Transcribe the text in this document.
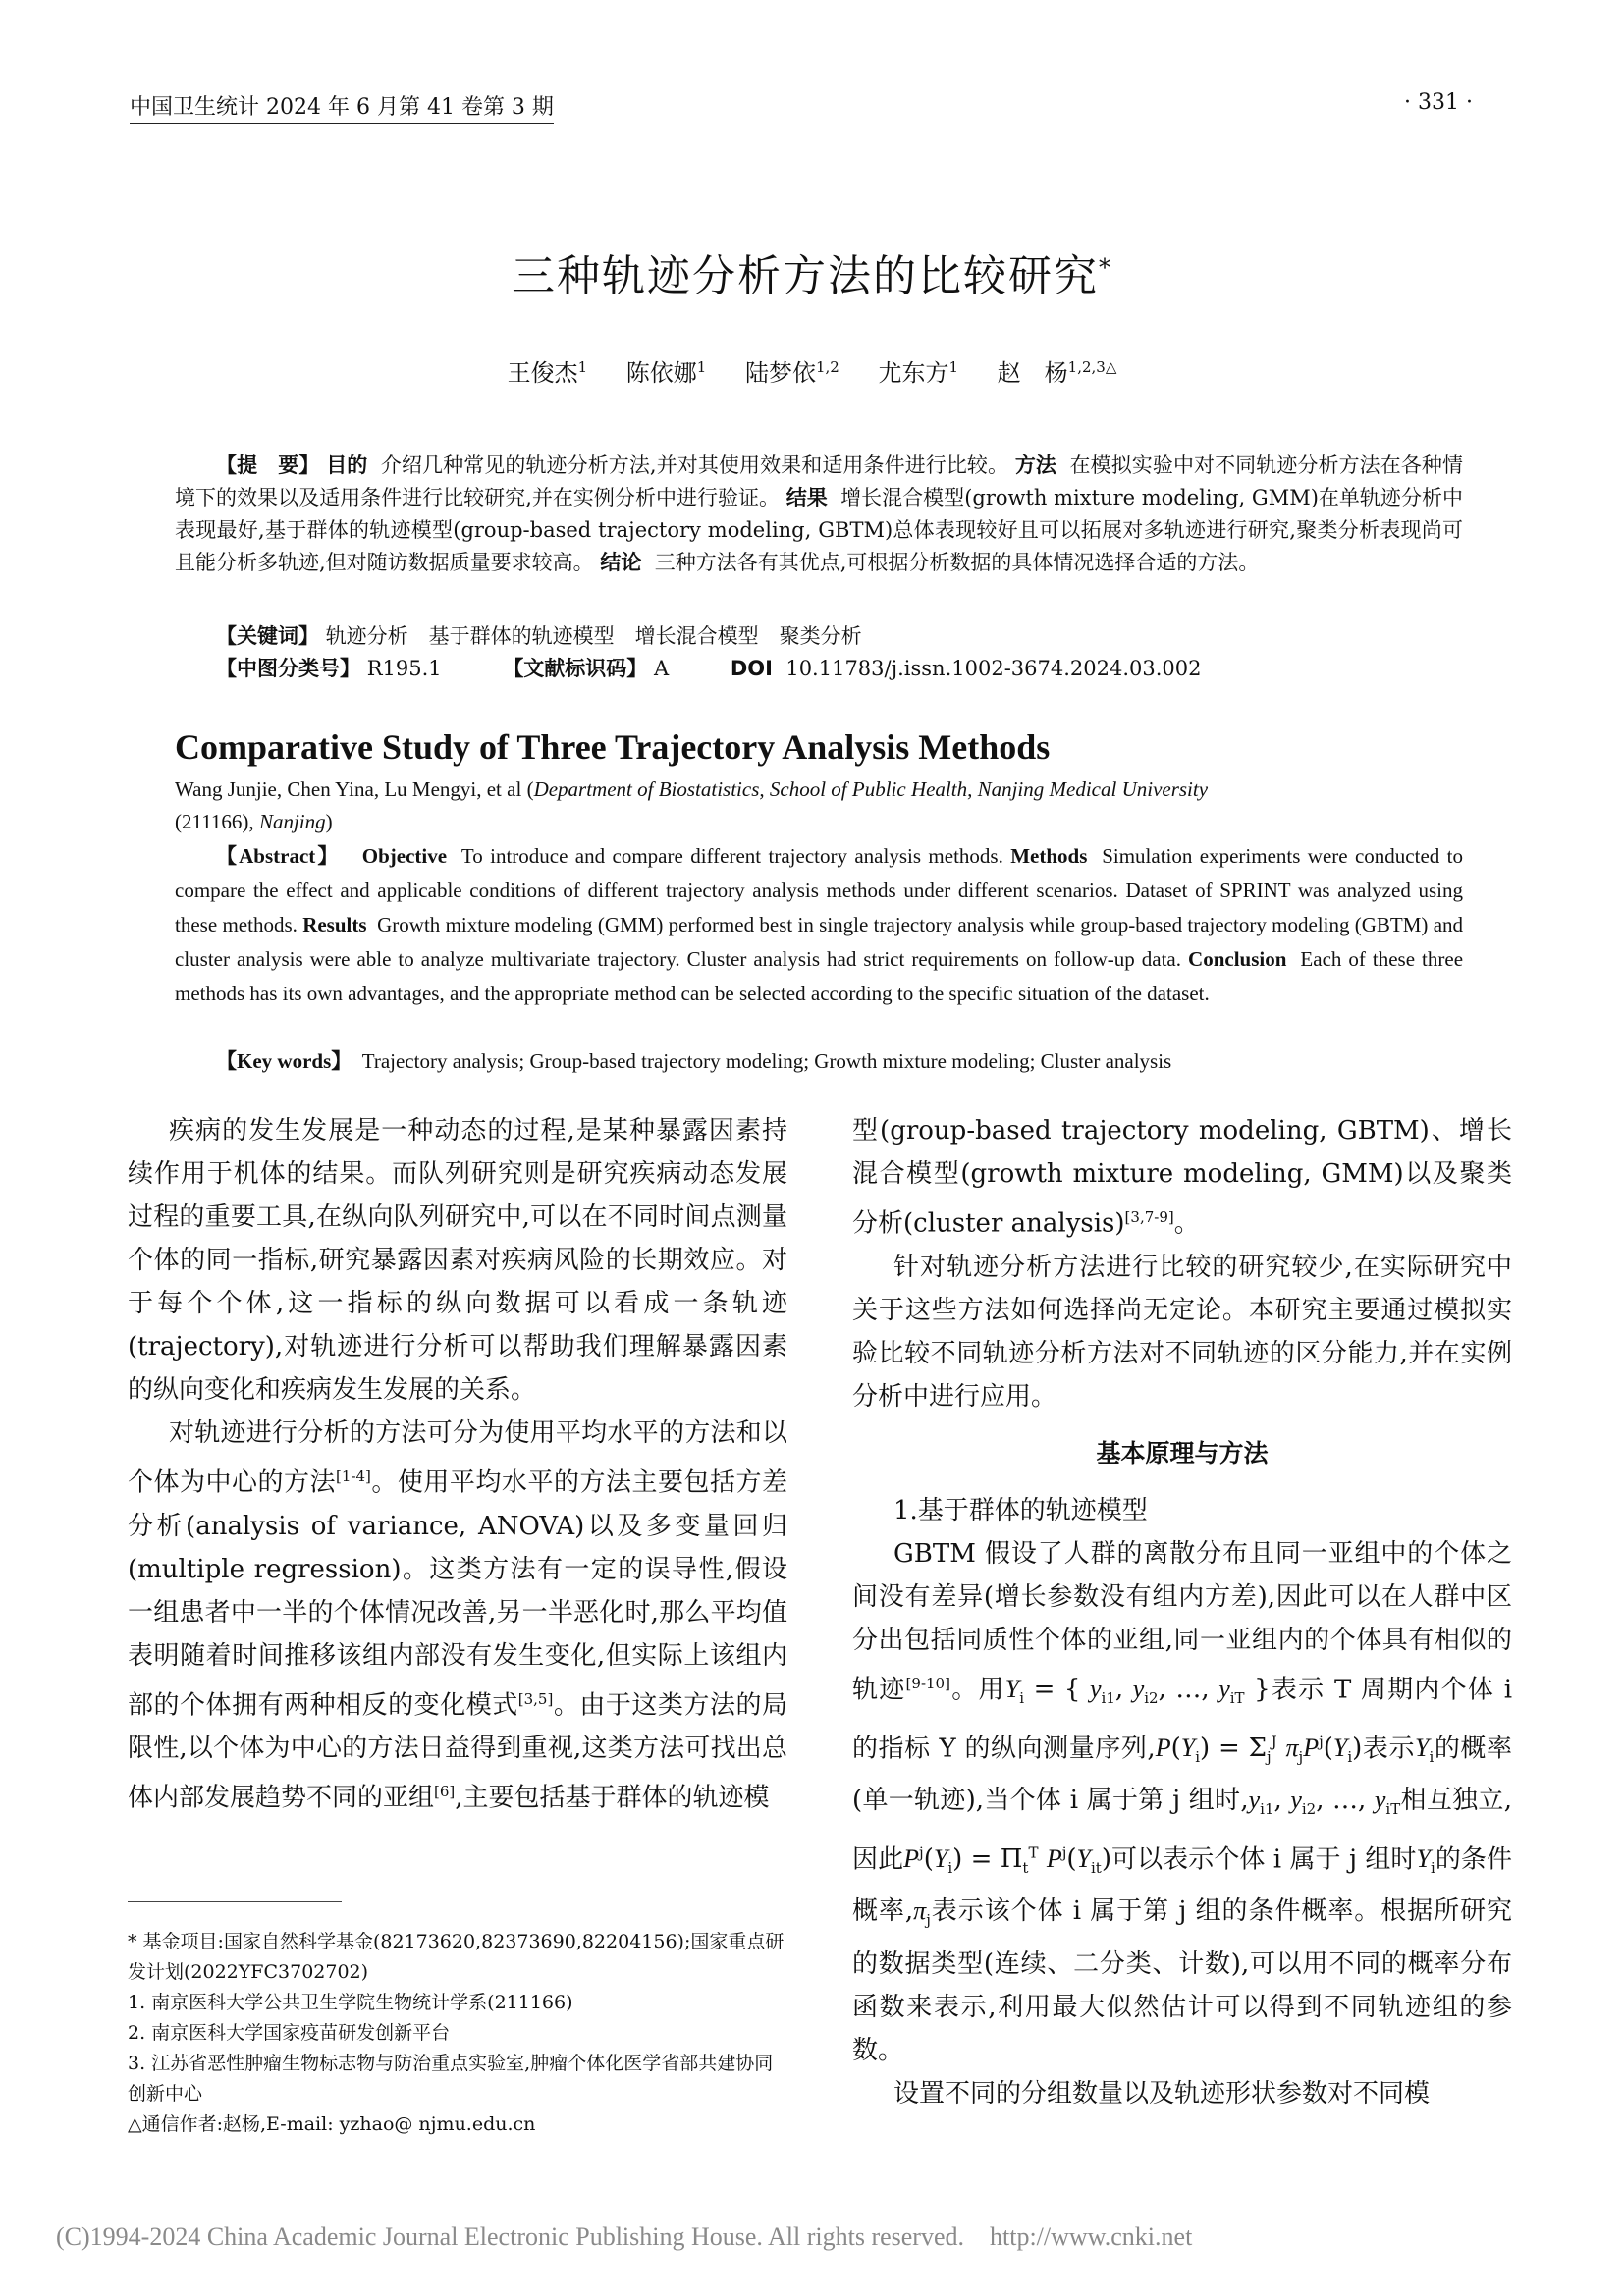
中国卫生统计 2024 年 6 月第 41 卷第 3 期	· 331 ·
三种轨迹分析方法的比较研究*
王俊杰$^1$ 陈依娜$^1$ 陆梦依$^{1,2}$ 尤东方$^1$ 赵　杨$^{1,2,3\triangle}$
【提　要】 目的 介绍几种常见的轨迹分析方法,并对其使用效果和适用条件进行比较。 方法 在模拟实验中对不同轨迹分析方法在各种情境下的效果以及适用条件进行比较研究,并在实例分析中进行验证。 结果 增长混合模型(growth mixture modeling, GMM)在单轨迹分析中表现最好,基于群体的轨迹模型(group-based trajectory modeling, GBTM)总体表现较好且可以拓展对多轨迹进行研究,聚类分析表现尚可且能分析多轨迹,但对随访数据质量要求较高。 结论 三种方法各有其优点,可根据分析数据的具体情况选择合适的方法。
【关键词】 轨迹分析　基于群体的轨迹模型　增长混合模型　聚类分析
【中图分类号】 R195.1	【文献标识码】 A	DOI 10.11783/j.issn.1002-3674.2024.03.002
Comparative Study of Three Trajectory Analysis Methods
Wang Junjie, Chen Yina, Lu Mengyi, et al (Department of Biostatistics, School of Public Health, Nanjing Medical University
(211166), Nanjing)
【Abstract】 Objective To introduce and compare different trajectory analysis methods. Methods Simulation experiments were conducted to compare the effect and applicable conditions of different trajectory analysis methods under different scenarios. Dataset of SPRINT was analyzed using these methods. Results Growth mixture modeling (GMM) performed best in single trajectory analysis while group-based trajectory modeling (GBTM) and cluster analysis were able to analyze multivariate trajectory. Cluster analysis had strict requirements on follow-up data. Conclusion Each of these three methods has its own advantages, and the appropriate method can be selected according to the specific situation of the dataset.
【Key words】 Trajectory analysis; Group-based trajectory modeling; Growth mixture modeling; Cluster analysis

疾病的发生发展是一种动态的过程,是某种暴露因素持续作用于机体的结果。而队列研究则是研究疾病动态发展过程的重要工具,在纵向队列研究中,可以在不同时间点测量个体的同一指标,研究暴露因素对疾病风险的长期效应。对于每个个体,这一指标的纵向数据可以看成一条轨迹(trajectory),对轨迹进行分析可以帮助我们理解暴露因素的纵向变化和疾病发生发展的关系。

对轨迹进行分析的方法可分为使用平均水平的方法和以个体为中心的方法[1-4]。使用平均水平的方法主要包括方差分析(analysis of variance, ANOVA)以及多变量回归(multiple regression)。这类方法有一定的误导性,假设一组患者中一半的个体情况改善,另一半恶化时,那么平均值表明随着时间推移该组内部没有发生变化,但实际上该组内部的个体拥有两种相反的变化模式[3,5]。由于这类方法的局限性,以个体为中心的方法日益得到重视,这类方法可找出总体内部发展趋势不同的亚组[6],主要包括基于群体的轨迹模

型(group-based trajectory modeling, GBTM)、增长混合模型(growth mixture modeling, GMM)以及聚类分析(cluster analysis)[3,7-9]。

针对轨迹分析方法进行比较的研究较少,在实际研究中关于这些方法如何选择尚无定论。本研究主要通过模拟实验比较不同轨迹分析方法对不同轨迹的区分能力,并在实例分析中进行应用。

基本原理与方法

1.基于群体的轨迹模型

GBTM 假设了人群的离散分布且同一亚组中的个体之间没有差异(增长参数没有组内方差),因此可以在人群中区分出包括同质性个体的亚组,同一亚组内的个体具有相似的轨迹[9-10]。用$Y_i$ = { $y_{i1}$, $y_{i2}$, …, $y_{iT}$ }表示 T 周期内个体 i 的指标 Y 的纵向测量序列$,P(Y_i) = \Sigma_j^J$ $\pi_jP^j(Y_i)$表示$Y_i$的概率(单一轨迹),当个体 i 属于第 j 组时$,y_{i1}$, $y_{i2}$, …, $y_{iT}$相互独立,因此$P^j(Y_i) = \Pi_t^T$ $P^j(Y_{it})$可以表示个体 i 属于 j 组时$Y_i$的条件概率$,\pi_j$表示该个体 i 属于第 j 组的条件概率。根据所研究的数据类型(连续、二分类、计数),可以用不同的概率分布函数来表示,利用最大似然估计可以得到不同轨迹组的参数。

设置不同的分组数量以及轨迹形状参数对不同模

* 基金项目:国家自然科学基金(82173620,82373690,82204156);国家重点研发计划(2022YFC3702702)
1. 南京医科大学公共卫生学院生物统计学系(211166)
2. 南京医科大学国家疫苗研发创新平台
3. 江苏省恶性肿瘤生物标志物与防治重点实验室,肿瘤个体化医学省部共建协同创新中心
△通信作者:赵杨,E-mail: yzhao@ njmu.edu.cn
(C)1994-2024 China Academic Journal Electronic Publishing House. All rights reserved. http://www.cnki.net
